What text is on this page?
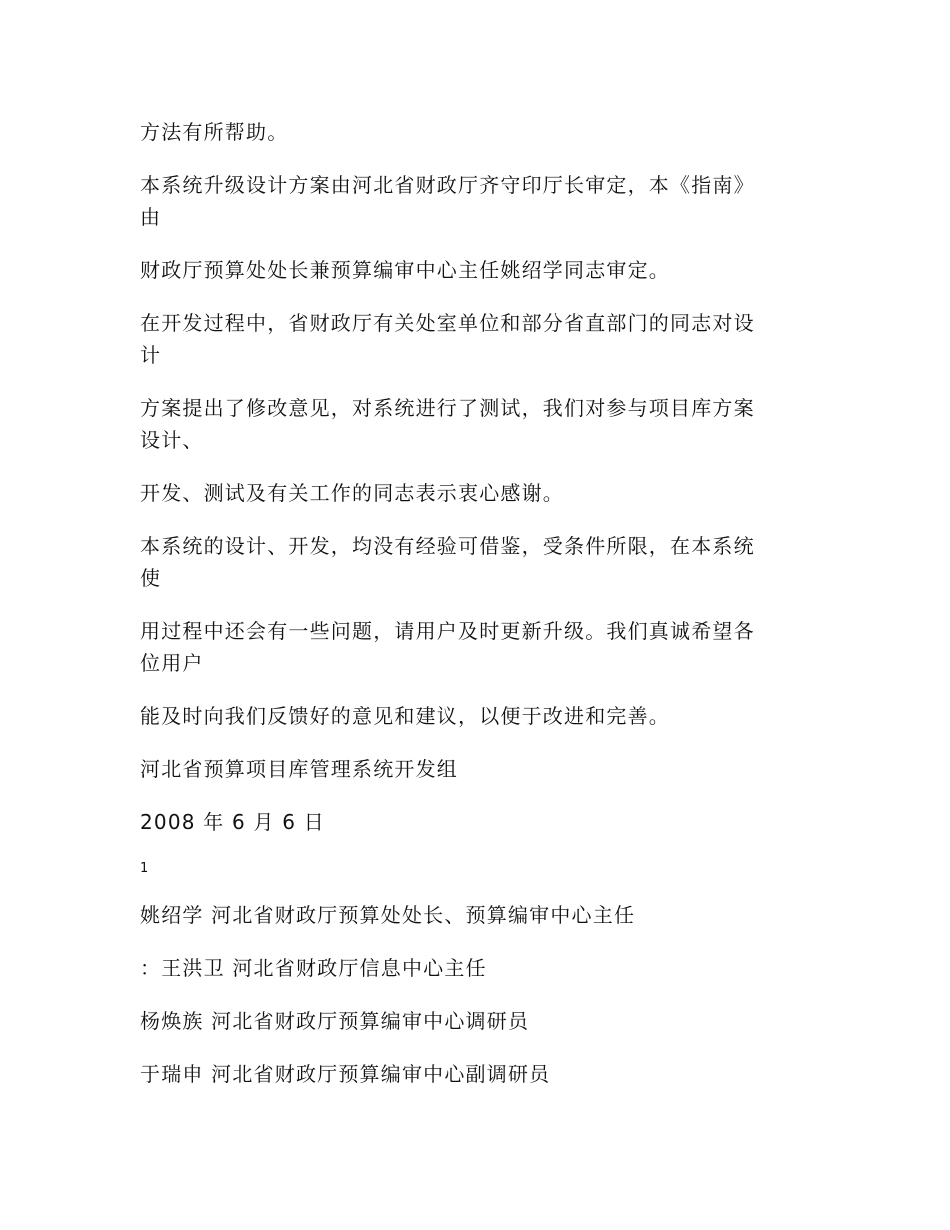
方法有所帮助。
本系统升级设计方案由河北省财政厅齐守印厅长审定，本《指南》
由
财政厅预算处处长兼预算编审中心主任姚绍学同志审定。
在开发过程中，省财政厅有关处室单位和部分省直部门的同志对设
计
方案提出了修改意见，对系统进行了测试，我们对参与项目库方案
设计、
开发、测试及有关工作的同志表示衷心感谢。
本系统的设计、开发，均没有经验可借鉴，受条件所限，在本系统
使
用过程中还会有一些问题，请用户及时更新升级。我们真诚希望各
位用户
能及时向我们反馈好的意见和建议，以便于改进和完善。
河北省预算项目库管理系统开发组
2008 年 6 月 6 日
1
姚绍学 河北省财政厅预算处处长、预算编审中心主任
：王洪卫 河北省财政厅信息中心主任
杨焕族 河北省财政厅预算编审中心调研员
于瑞申 河北省财政厅预算编审中心副调研员
